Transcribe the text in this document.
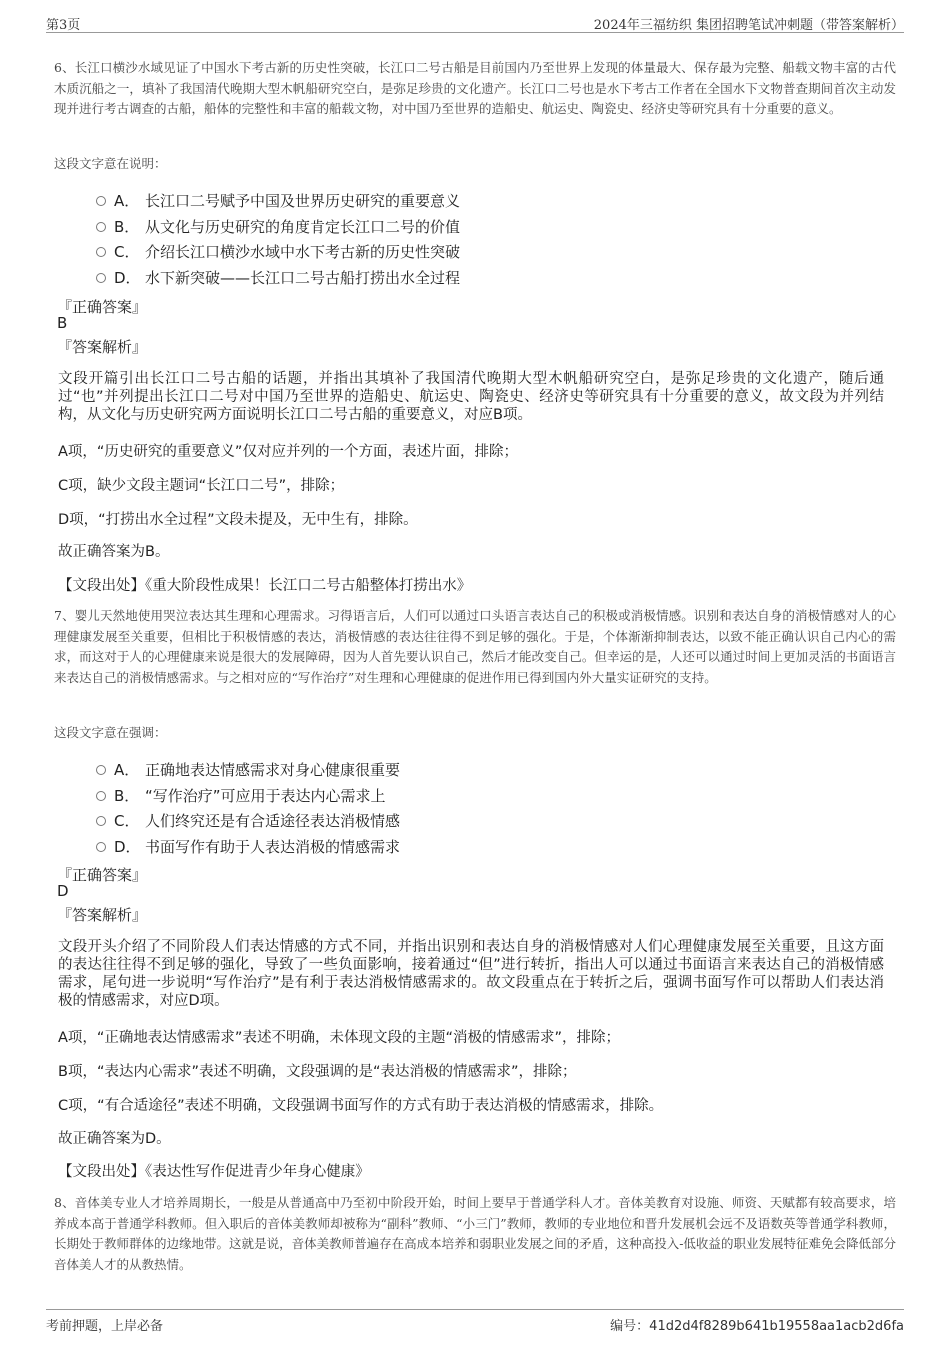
第3页	2024年三福纺织 集团招聘笔试冲刺题（带答案解析）
6、长江口横沙水域见证了中国水下考古新的历史性突破，长江口二号古船是目前国内乃至世界上发现的体量最大、保存最为完整、船载文物丰富的古代木质沉船之一，填补了我国清代晚期大型木帆船研究空白，是弥足珍贵的文化遗产。长江口二号也是水下考古工作者在全国水下文物普查期间首次主动发现并进行考古调查的古船，船体的完整性和丰富的船载文物，对中国乃至世界的造船史、航运史、陶瓷史、经济史等研究具有十分重要的意义。
这段文字意在说明：
A． 长江口二号赋予中国及世界历史研究的重要意义
B． 从文化与历史研究的角度肯定长江口二号的价值
C． 介绍长江口横沙水域中水下考古新的历史性突破
D． 水下新突破——长江口二号古船打捞出水全过程
『正确答案』
B
『答案解析』
文段开篇引出长江口二号古船的话题，并指出其填补了我国清代晚期大型木帆船研究空白，是弥足珍贵的文化遗产，随后通过“也”并列提出长江口二号对中国乃至世界的造船史、航运史、陶瓷史、经济史等研究具有十分重要的意义，故文段为并列结构，从文化与历史研究两方面说明长江口二号古船的重要意义，对应B项。
A项，“历史研究的重要意义”仅对应并列的一个方面，表述片面，排除；
C项，缺少文段主题词“长江口二号”，排除；
D项，“打捞出水全过程”文段未提及，无中生有，排除。
故正确答案为B。
【文段出处】《重大阶段性成果！长江口二号古船整体打捞出水》
7、婴儿天然地使用哭泣表达其生理和心理需求。习得语言后，人们可以通过口头语言表达自己的积极或消极情感。识别和表达自身的消极情感对人的心理健康发展至关重要，但相比于积极情感的表达，消极情感的表达往往得不到足够的强化。于是，个体渐渐抑制表达，以致不能正确认识自己内心的需求，而这对于人的心理健康来说是很大的发展障碍，因为人首先要认识自己，然后才能改变自己。但幸运的是，人还可以通过时间上更加灵活的书面语言来表达自己的消极情感需求。与之相对应的“写作治疗”对生理和心理健康的促进作用已得到国内外大量实证研究的支持。
这段文字意在强调：
A． 正确地表达情感需求对身心健康很重要
B． “写作治疗”可应用于表达内心需求上
C． 人们终究还是有合适途径表达消极情感
D． 书面写作有助于人表达消极的情感需求
『正确答案』
D
『答案解析』
文段开头介绍了不同阶段人们表达情感的方式不同，并指出识别和表达自身的消极情感对人们心理健康发展至关重要，且这方面的表达往往得不到足够的强化，导致了一些负面影响，接着通过“但”进行转折，指出人可以通过书面语言来表达自己的消极情感需求，尾句进一步说明“写作治疗”是有利于表达消极情感需求的。故文段重点在于转折之后，强调书面写作可以帮助人们表达消极的情感需求，对应D项。
A项，“正确地表达情感需求”表述不明确，未体现文段的主题“消极的情感需求”，排除；
B项，“表达内心需求”表述不明确，文段强调的是“表达消极的情感需求”，排除；
C项，“有合适途径”表述不明确，文段强调书面写作的方式有助于表达消极的情感需求，排除。
故正确答案为D。
【文段出处】《表达性写作促进青少年身心健康》
8、音体美专业人才培养周期长，一般是从普通高中乃至初中阶段开始，时间上要早于普通学科人才。音体美教育对设施、师资、天赋都有较高要求，培养成本高于普通学科教师。但入职后的音体美教师却被称为“副科”教师、“小三门”教师，教师的专业地位和晋升发展机会远不及语数英等普通学科教师，长期处于教师群体的边缘地带。这就是说，音体美教师普遍存在高成本培养和弱职业发展之间的矛盾，这种高投入-低收益的职业发展特征难免会降低部分音体美人才的从教热情。
考前押题，上岸必备	编号：41d2d4f8289b641b19558aa1acb2d6fa
